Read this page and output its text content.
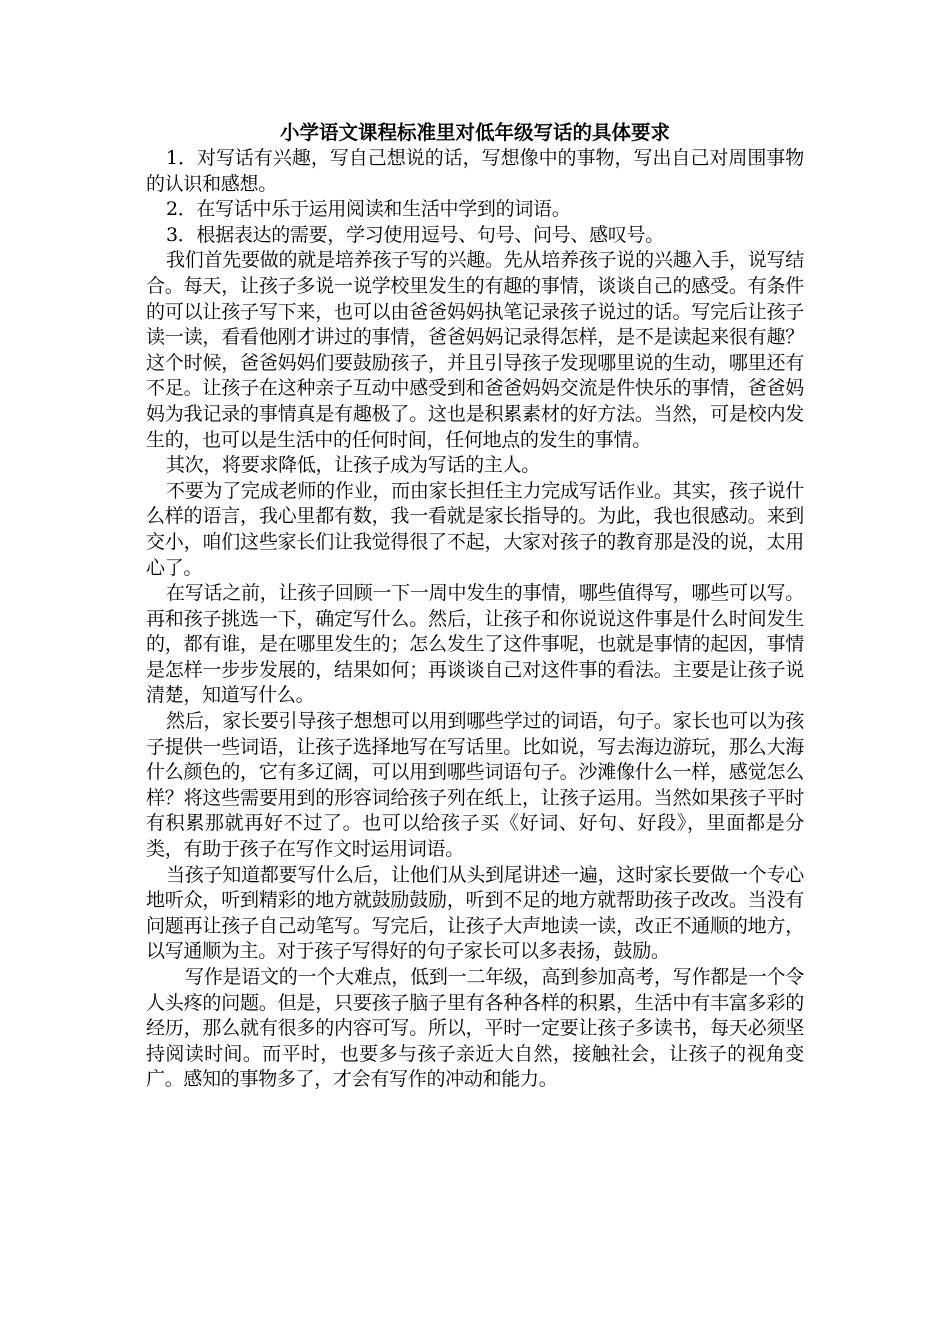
小学语文课程标准里对低年级写话的具体要求

1．对写话有兴趣，写自己想说的话，写想像中的事物，写出自己对周围事物的认识和感想。

2．在写话中乐于运用阅读和生活中学到的词语。

3．根据表达的需要，学习使用逗号、句号、问号、感叹号。

我们首先要做的就是培养孩子写的兴趣。先从培养孩子说的兴趣入手，说写结合。每天，让孩子多说一说学校里发生的有趣的事情，谈谈自己的感受。有条件的可以让孩子写下来，也可以由爸爸妈妈执笔记录孩子说过的话。写完后让孩子读一读，看看他刚才讲过的事情，爸爸妈妈记录得怎样，是不是读起来很有趣？这个时候，爸爸妈妈们要鼓励孩子，并且引导孩子发现哪里说的生动，哪里还有不足。让孩子在这种亲子互动中感受到和爸爸妈妈交流是件快乐的事情，爸爸妈妈为我记录的事情真是有趣极了。这也是积累素材的好方法。当然，可是校内发生的，也可以是生活中的任何时间，任何地点的发生的事情。

其次，将要求降低，让孩子成为写话的主人。

不要为了完成老师的作业，而由家长担任主力完成写话作业。其实，孩子说什么样的语言，我心里都有数，我一看就是家长指导的。为此，我也很感动。来到交小，咱们这些家长们让我觉得很了不起，大家对孩子的教育那是没的说，太用心了。

在写话之前，让孩子回顾一下一周中发生的事情，哪些值得写，哪些可以写。再和孩子挑选一下，确定写什么。然后，让孩子和你说说这件事是什么时间发生的，都有谁，是在哪里发生的；怎么发生了这件事呢，也就是事情的起因，事情是怎样一步步发展的，结果如何；再谈谈自己对这件事的看法。主要是让孩子说清楚，知道写什么。

然后，家长要引导孩子想想可以用到哪些学过的词语，句子。家长也可以为孩子提供一些词语，让孩子选择地写在写话里。比如说，写去海边游玩，那么大海什么颜色的，它有多辽阔，可以用到哪些词语句子。沙滩像什么一样，感觉怎么样？将这些需要用到的形容词给孩子列在纸上，让孩子运用。当然如果孩子平时有积累那就再好不过了。也可以给孩子买《好词、好句、好段》，里面都是分类，有助于孩子在写作文时运用词语。

当孩子知道都要写什么后，让他们从头到尾讲述一遍，这时家长要做一个专心地听众，听到精彩的地方就鼓励鼓励，听到不足的地方就帮助孩子改改。当没有问题再让孩子自己动笔写。写完后，让孩子大声地读一读，改正不通顺的地方，以写通顺为主。对于孩子写得好的句子家长可以多表扬，鼓励。

写作是语文的一个大难点，低到一二年级，高到参加高考，写作都是一个令人头疼的问题。但是，只要孩子脑子里有各种各样的积累，生活中有丰富多彩的经历，那么就有很多的内容可写。所以，平时一定要让孩子多读书，每天必须坚持阅读时间。而平时，也要多与孩子亲近大自然，接触社会，让孩子的视角变广。感知的事物多了，才会有写作的冲动和能力。
